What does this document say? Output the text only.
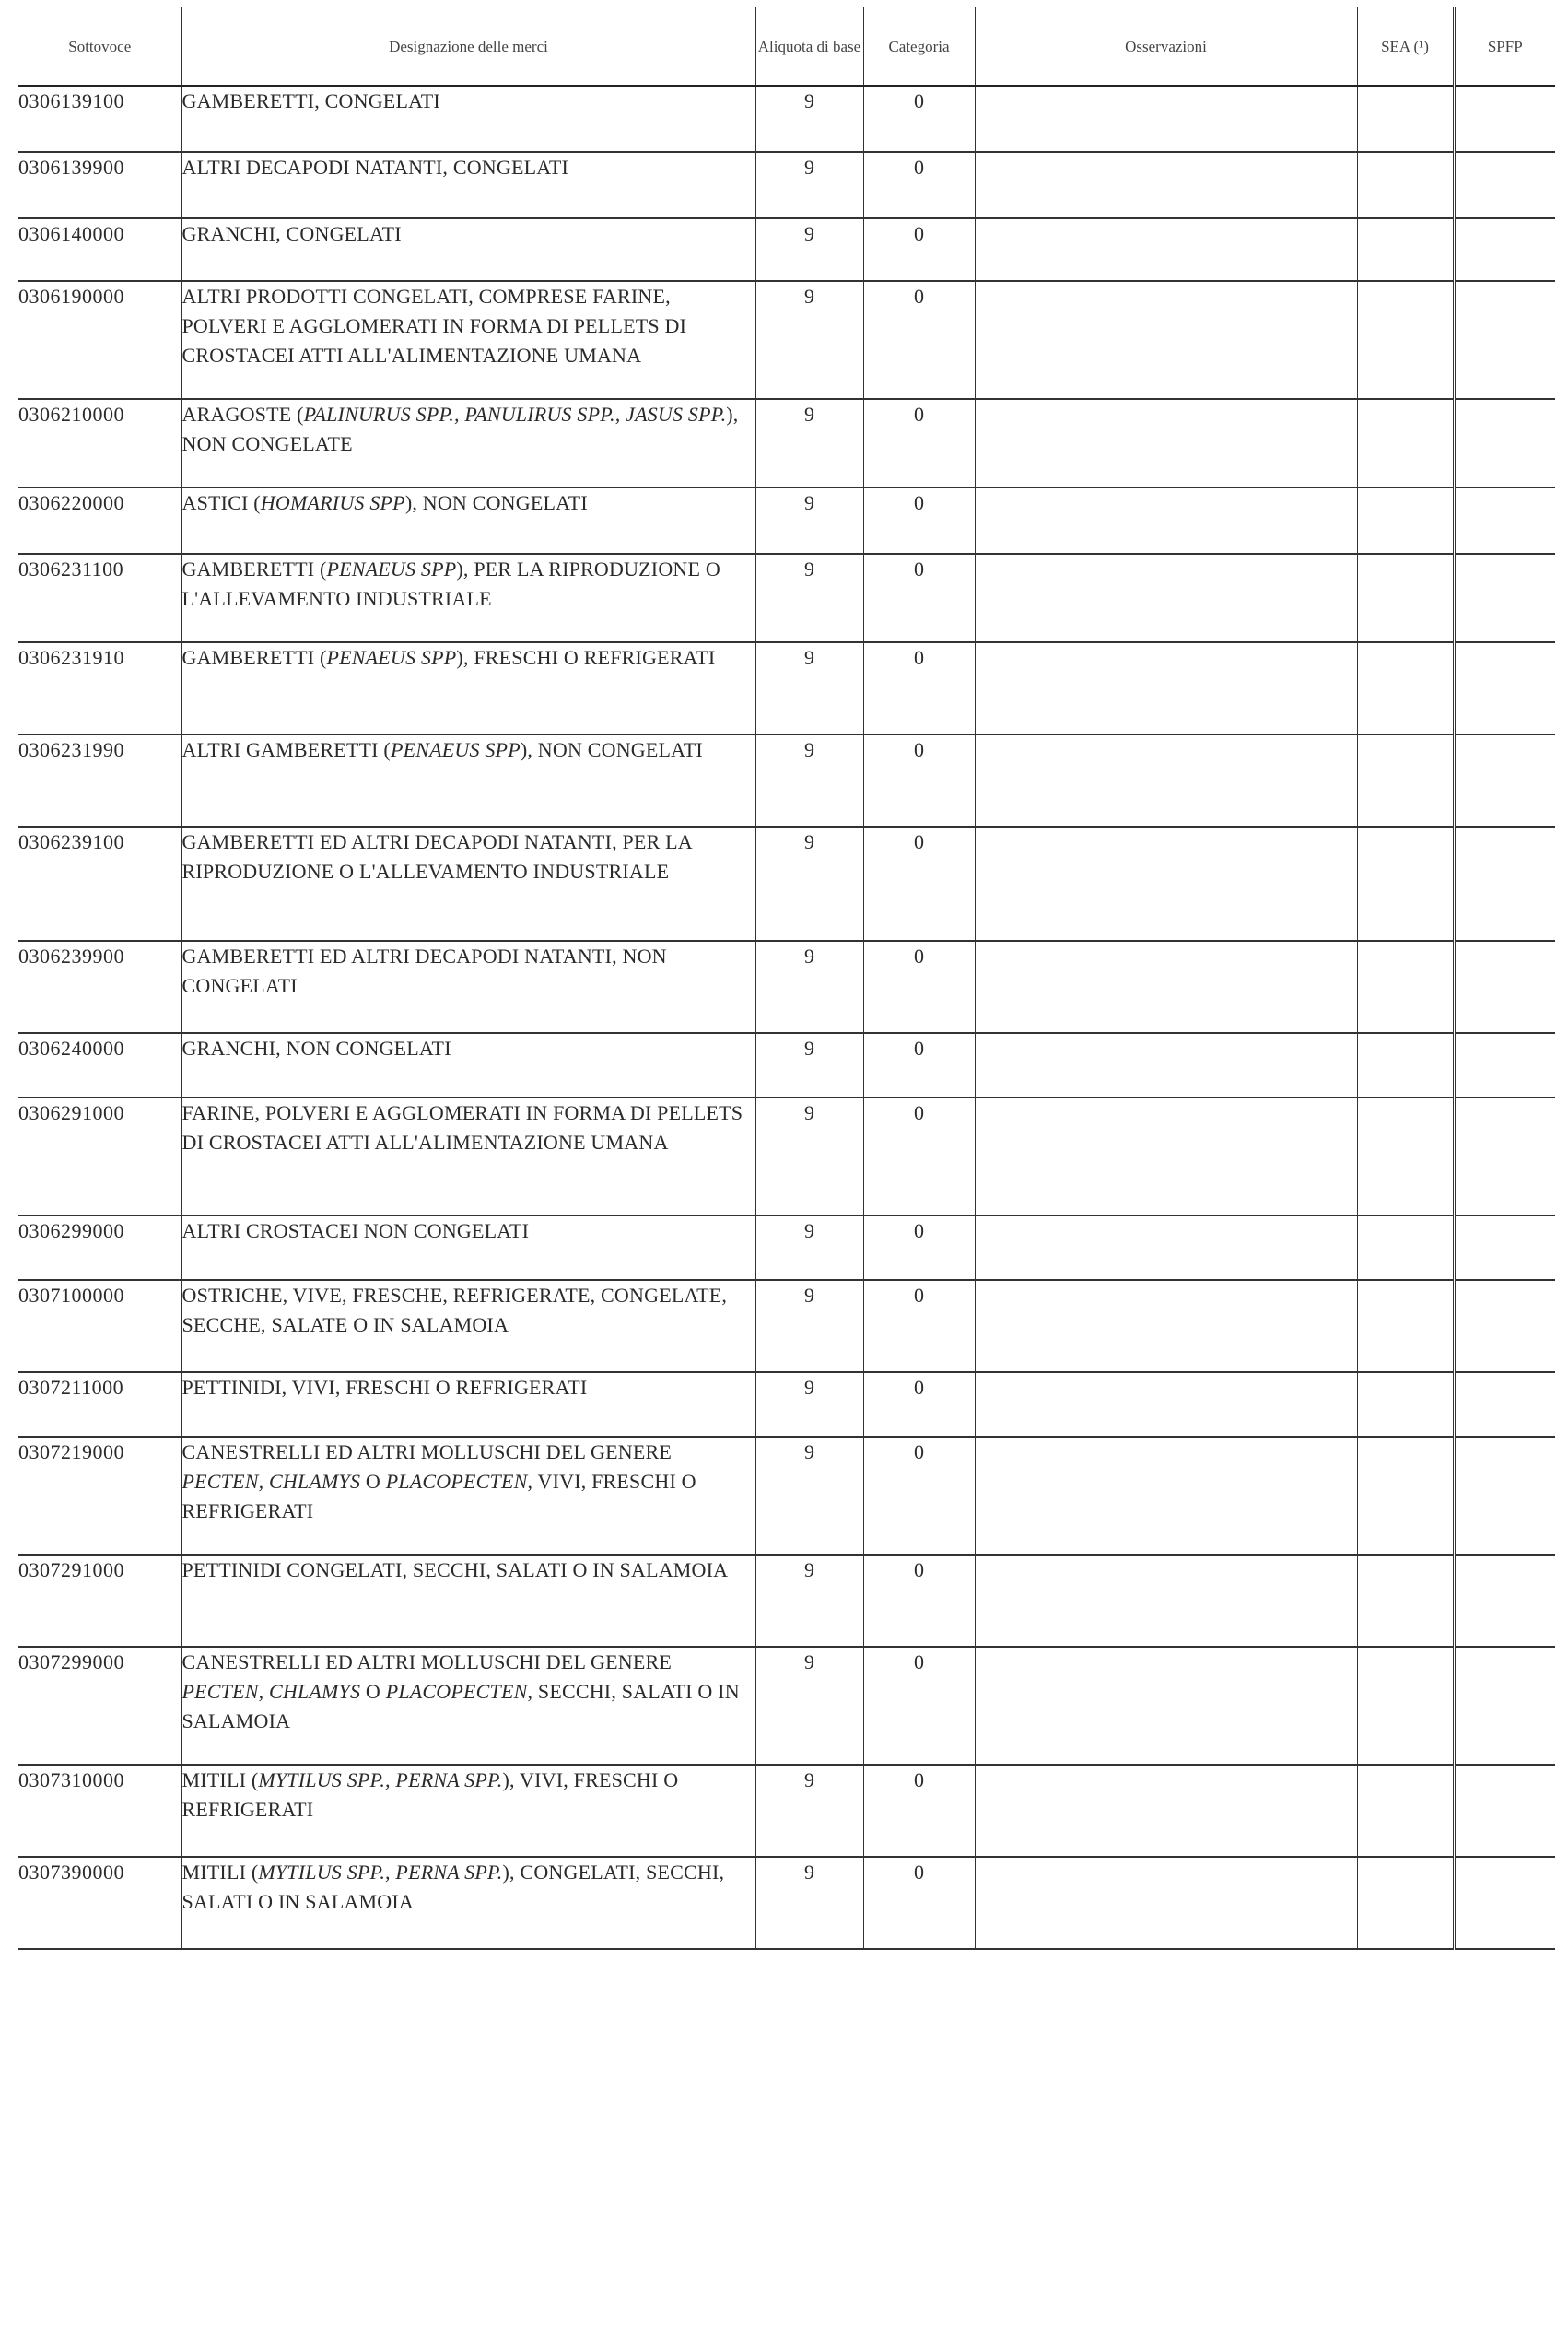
Sottovoce	Designazione delle merci	Aliquota di base	Categoria	Osservazioni	SEA (¹)	SPFP
0306139100	GAMBERETTI, CONGELATI	9	0			
0306139900	ALTRI DECAPODI NATANTI, CONGELATI	9	0			
0306140000	GRANCHI, CONGELATI	9	0			
0306190000	ALTRI PRODOTTI CONGELATI, COMPRESE FARINE, POLVERI E AGGLOMERATI IN FORMA DI PELLETS DI CROSTACEI ATTI ALL'ALIMENTAZIONE UMANA	9	0			
0306210000	ARAGOSTE (PALINURUS SPP., PANULIRUS SPP., JASUS SPP.), NON CONGELATE	9	0			
0306220000	ASTICI (HOMARIUS SPP), NON CONGELATI	9	0			
0306231100	GAMBERETTI (PENAEUS SPP), PER LA RIPRODUZIONE O L'ALLEVAMENTO INDUSTRIALE	9	0			
0306231910	GAMBERETTI (PENAEUS SPP), FRESCHI O REFRIGERATI	9	0			
0306231990	ALTRI GAMBERETTI (PENAEUS SPP), NON CONGELATI	9	0			
0306239100	GAMBERETTI ED ALTRI DECAPODI NATANTI, PER LA RIPRODUZIONE O L'ALLEVAMENTO INDUSTRIALE	9	0			
0306239900	GAMBERETTI ED ALTRI DECAPODI NATANTI, NON CONGELATI	9	0			
0306240000	GRANCHI, NON CONGELATI	9	0			
0306291000	FARINE, POLVERI E AGGLOMERATI IN FORMA DI PELLETS DI CROSTACEI ATTI ALL'ALIMENTAZIONE UMANA	9	0			
0306299000	ALTRI CROSTACEI NON CONGELATI	9	0			
0307100000	OSTRICHE, VIVE, FRESCHE, REFRIGERATE, CONGELATE, SECCHE, SALATE O IN SALAMOIA	9	0			
0307211000	PETTINIDI, VIVI, FRESCHI O REFRIGERATI	9	0			
0307219000	CANESTRELLI ED ALTRI MOLLUSCHI DEL GENERE PECTEN, CHLAMYS O PLACOPECTEN, VIVI, FRESCHI O REFRIGERATI	9	0			
0307291000	PETTINIDI CONGELATI, SECCHI, SALATI O IN SALAMOIA	9	0			
0307299000	CANESTRELLI ED ALTRI MOLLUSCHI DEL GENERE PECTEN, CHLAMYS O PLACOPECTEN, SECCHI, SALATI O IN SALAMOIA	9	0			
0307310000	MITILI (MYTILUS SPP., PERNA SPP.), VIVI, FRESCHI O REFRIGERATI	9	0			
0307390000	MITILI (MYTILUS SPP., PERNA SPP.), CONGELATI, SECCHI, SALATI O IN SALAMOIA	9	0			
